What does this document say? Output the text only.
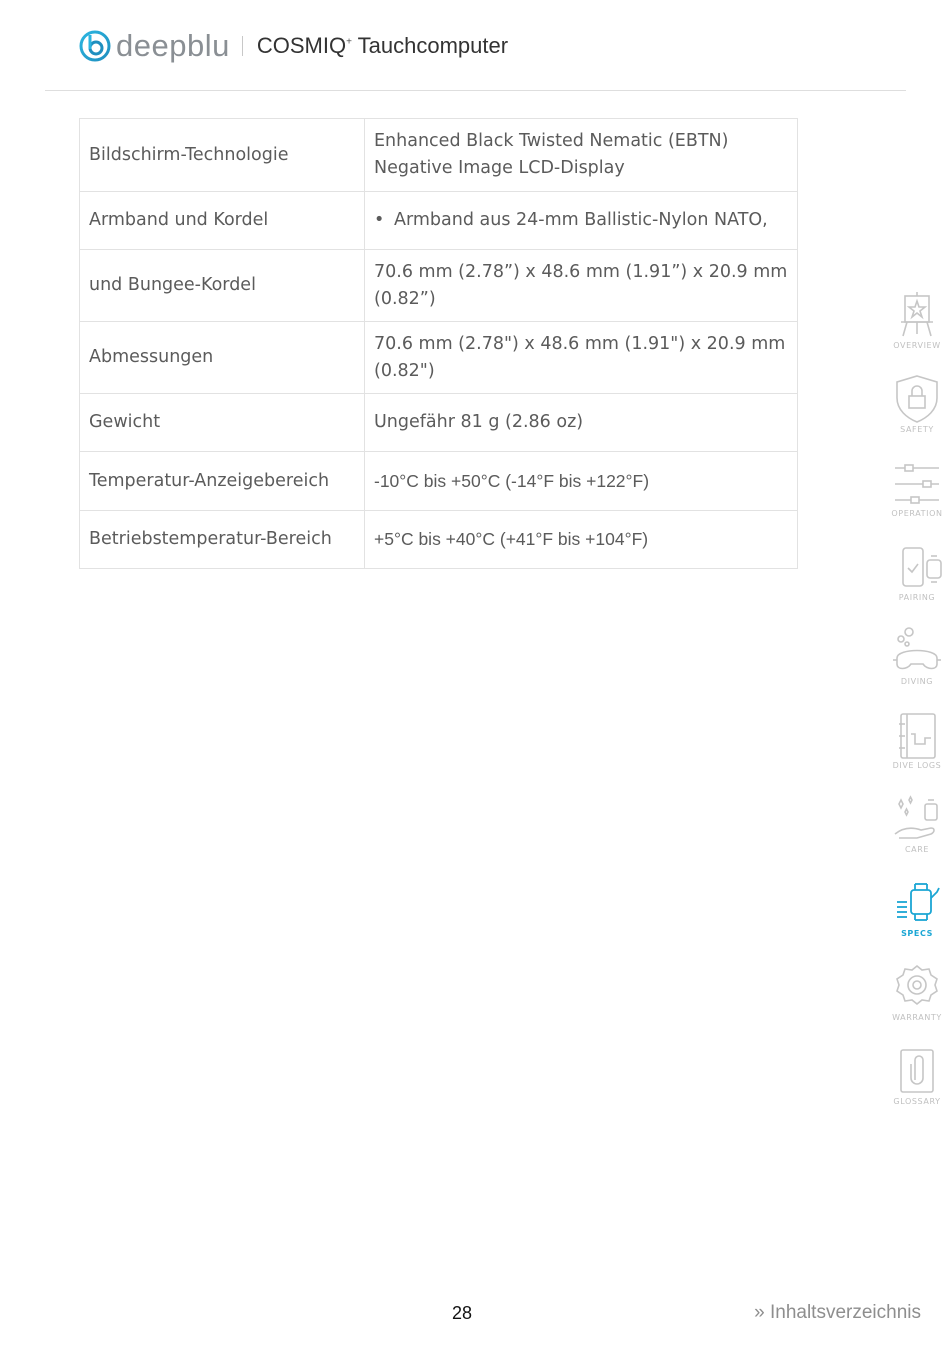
deepblu COSMIQ+ Tauchcomputer
Bildschirm-Technologie	Enhanced Black Twisted Nematic (EBTN) Negative Image LCD-Display
Armband und Kordel	• Armband aus 24-mm Ballistic-Nylon NATO,
und Bungee-Kordel	70.6 mm (2.78”) x 48.6 mm (1.91”) x 20.9 mm (0.82”)
Abmessungen	70.6 mm (2.78") x 48.6 mm (1.91") x 20.9 mm (0.82")
Gewicht	Ungefähr 81 g (2.86 oz)
Temperatur-Anzeigebereich	-10°C bis +50°C (-14°F bis +122°F)
Betriebstemperatur-Bereich	+5°C bis +40°C (+41°F bis +104°F)
OVERVIEW
SAFETY
OPERATION
PAIRING
DIVING
DIVE LOGS
CARE
SPECS
WARRANTY
GLOSSARY
28	» Inhaltsverzeichnis
